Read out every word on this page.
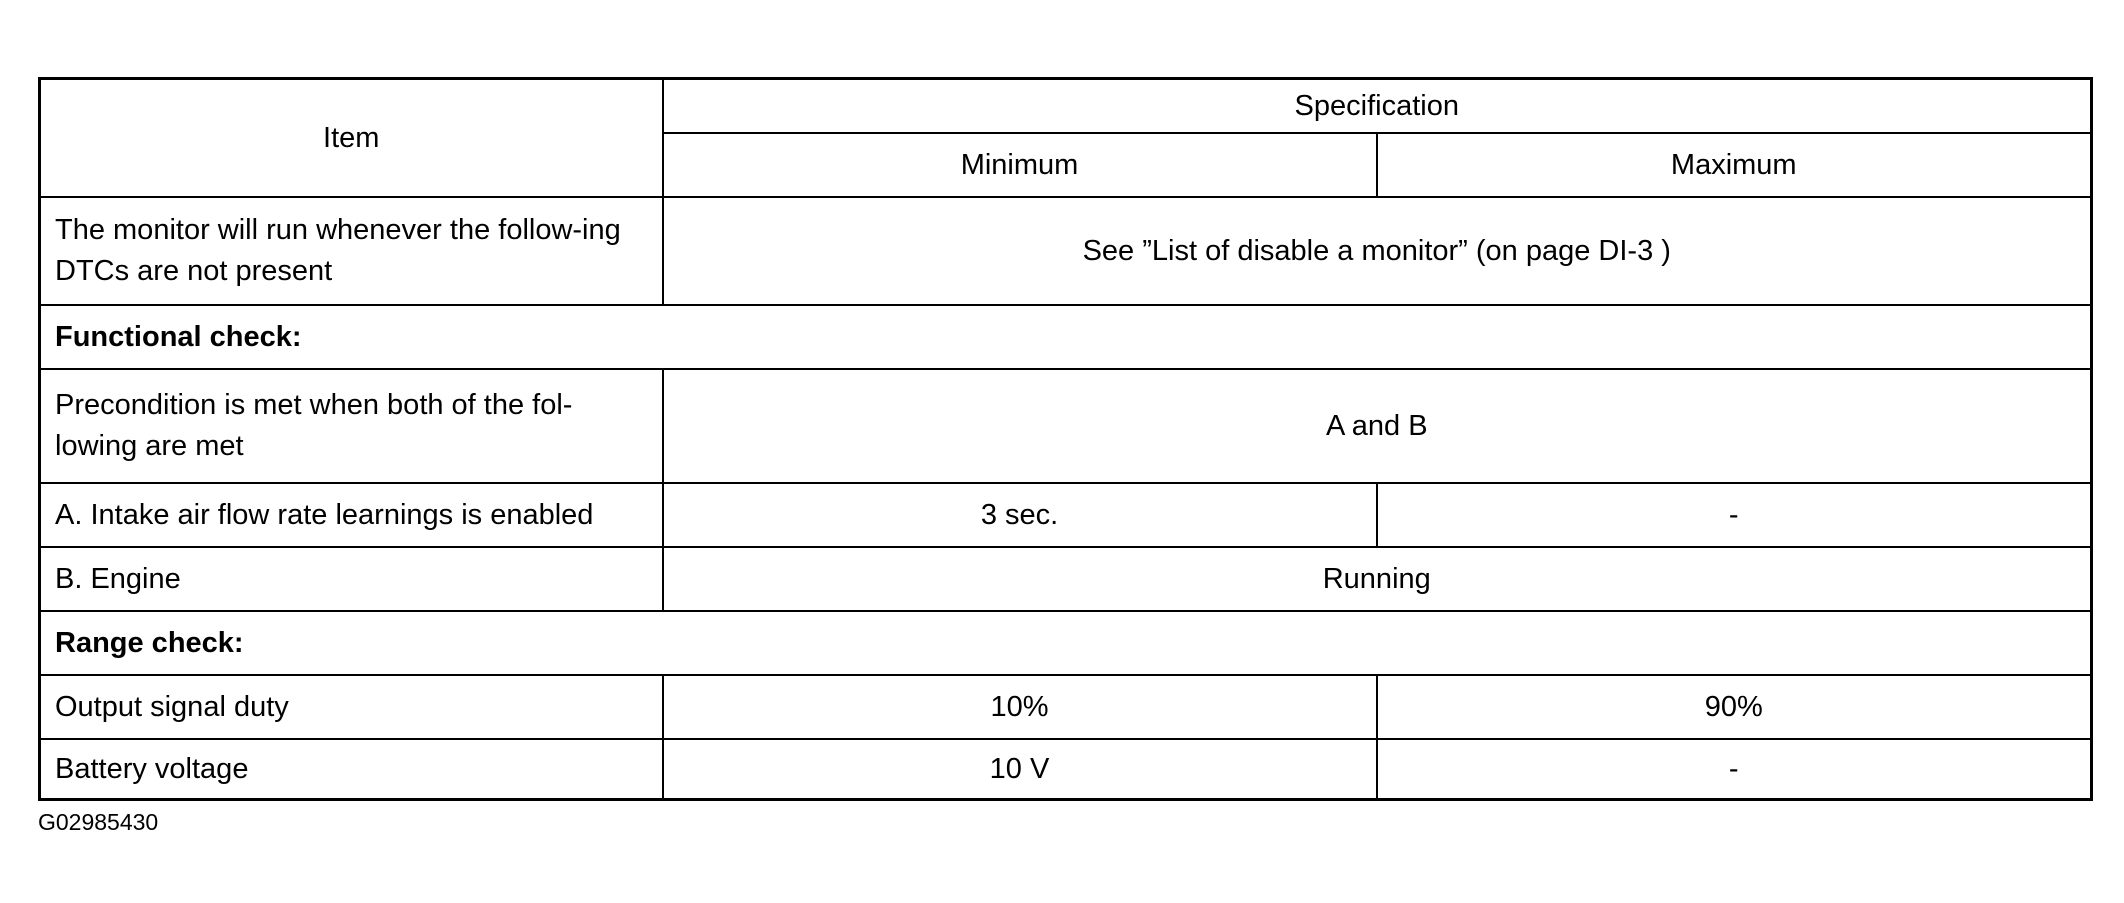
Item	Specification	
	Minimum	Maximum
The monitor will run whenever the follow-ing DTCs are not present	See ”List of disable a monitor” (on page DI-3 )	
Functional check:		
Precondition is met when both of the fol-lowing are met	A and B	
A. Intake air flow rate learnings is enabled	3 sec.	-
B. Engine	Running	
Range check:		
Output signal duty	10%	90%
Battery voltage	10 V	-
G02985430
